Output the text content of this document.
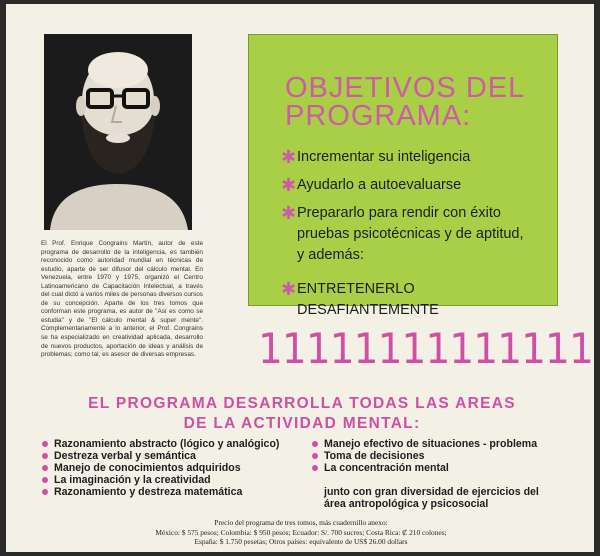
El Prof. Enrique Congrains Martín, autor de este programa de desarrollo de la inteligencia, es también reconocido como autoridad mundial en técnicas de estudio, aparte de ser difusor del cálculo mental. En Venezuela, entre 1970 y 1975, organizó el Centro Latinoamericano de Capacitación Intelectual, a través del cual dictó a varios miles de personas diversos cursos de su concepción. Aparte de los tres tomos que conforman este programa, es autor de "Así es como se estudia" y de "El cálculo mental & super mente". Complementariamente a lo anterior, el Prof. Congrains se ha especializado en creatividad aplicada, desarrollo de nuevos productos, aportación de ideas y análisis de problemas; como tal, es asesor de diversas empresas.
OBJETIVOS DEL
PROGRAMA:
✱ Incrementar su inteligencia
✱ Ayudarlo a autoevaluarse
✱ Prepararlo para rendir con éxito
pruebas psicotécnicas y de aptitud,
y además:
✱ ENTRETENERLO DESAFIANTEMENTE
11111111111111
EL PROGRAMA DESARROLLA TODAS LAS AREAS
DE LA ACTIVIDAD MENTAL:
Razonamiento abstracto (lógico y analógico)
Destreza verbal y semántica
Manejo de conocimientos adquiridos
La imaginación y la creatividad
Razonamiento y destreza matemática
Manejo efectivo de situaciones - problema
Toma de decisiones
La concentración mental
junto con gran diversidad de ejercicios del
área antropológica y psicosocial
Precio del programa de tres tomos, más cuadernillo anexo:
México: $ 575 pesos; Colombia: $ 950 pesos; Ecuador: S/. 700 sucres; Costa Rica: ₡ 210 colones;
España: $ 1.750 pesetas; Otros países: equivalente de US$ 26.00 dollars
